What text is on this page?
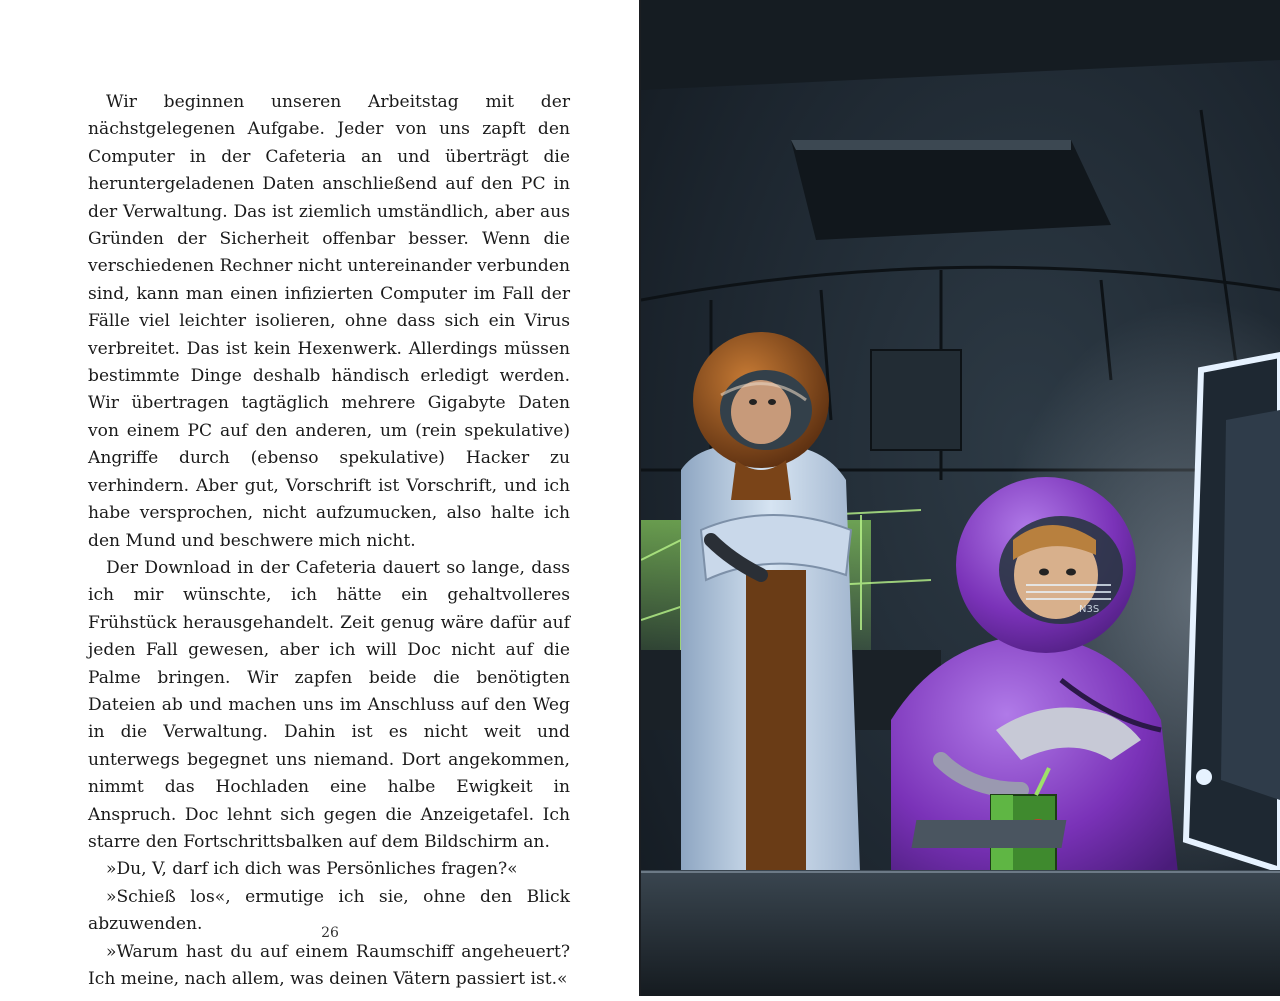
Wir beginnen unseren Arbeitstag mit der nächstgelegenen Aufgabe. Jeder von uns zapft den Computer in der Cafeteria an und überträgt die heruntergeladenen Daten anschließend auf den PC in der Verwaltung. Das ist ziemlich umständlich, aber aus Gründen der Sicherheit offenbar besser. Wenn die verschiedenen Rechner nicht untereinander verbunden sind, kann man einen infizierten Computer im Fall der Fälle viel leichter isolieren, ohne dass sich ein Virus verbreitet. Das ist kein Hexenwerk. Allerdings müssen bestimmte Dinge deshalb händisch erledigt werden. Wir übertragen tagtäglich mehrere Gigabyte Daten von einem PC auf den anderen, um (rein spekulative) Angriffe durch (ebenso spekulative) Hacker zu verhindern. Aber gut, Vorschrift ist Vorschrift, und ich habe versprochen, nicht aufzumucken, also halte ich den Mund und beschwere mich nicht.

Der Download in der Cafeteria dauert so lange, dass ich mir wünschte, ich hätte ein gehaltvolleres Frühstück herausgehandelt. Zeit genug wäre dafür auf jeden Fall gewesen, aber ich will Doc nicht auf die Palme bringen. Wir zapfen beide die benötigten Dateien ab und machen uns im Anschluss auf den Weg in die Verwaltung. Dahin ist es nicht weit und unterwegs begegnet uns niemand. Dort angekommen, nimmt das Hochladen eine halbe Ewigkeit in Anspruch. Doc lehnt sich gegen die Anzeigetafel. Ich starre den Fortschrittsbalken auf dem Bildschirm an.

»Du, V, darf ich dich was Persönliches fragen?«

»Schieß los«, ermutige ich sie, ohne den Blick abzuwenden.

»Warum hast du auf einem Raumschiff angeheuert? Ich meine, nach allem, was deinen Vätern passiert ist.«

26
N3S
